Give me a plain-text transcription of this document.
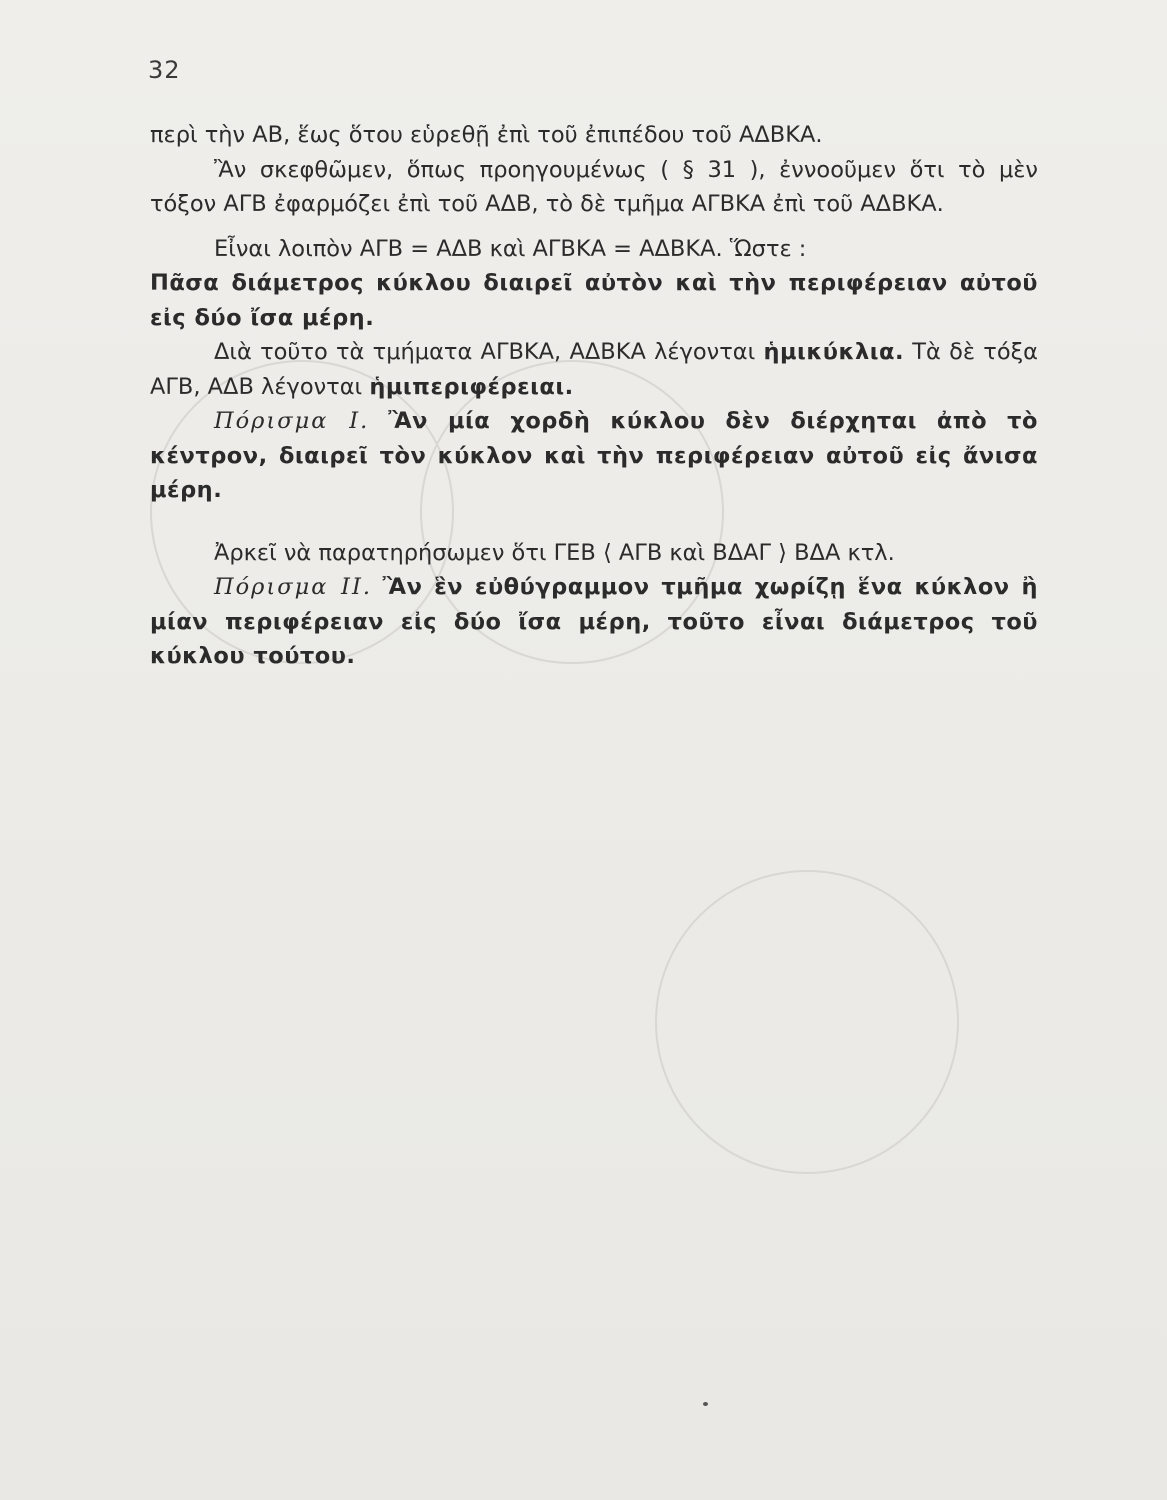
32

περὶ τὴν ΑΒ, ἕως ὅτου εὑρεθῇ ἐπὶ τοῦ ἐπιπέδου τοῦ ΑΔΒΚΑ.

Ἂν σκεφθῶμεν, ὅπως προηγουμένως ( § 31 ), ἐννοοῦμεν ὅτι τὸ μὲν τόξον ΑΓΒ ἐφαρμόζει ἐπὶ τοῦ ΑΔΒ, τὸ δὲ τμῆμα ΑΓΒΚΑ ἐπὶ τοῦ ΑΔΒΚΑ.

Εἶναι λοιπὸν ΑΓΒ = ΑΔΒ καὶ ΑΓΒΚΑ = ΑΔΒΚΑ. Ὥστε :

Πᾶσα διάμετρος κύκλου διαιρεῖ αὐτὸν καὶ τὴν περιφέρειαν αὐτοῦ εἰς δύο ἴσα μέρη.

Διὰ τοῦτο τὰ τμήματα ΑΓΒΚΑ, ΑΔΒΚΑ λέγονται ἡμικύκλια. Τὰ δὲ τόξα ΑΓΒ, ΑΔΒ λέγονται ἡμιπεριφέρειαι.

Πόρισμα Ι. Ἂν μία χορδὴ κύκλου δὲν διέρχηται ἀπὸ τὸ κέντρον, διαιρεῖ τὸν κύκλον καὶ τὴν περιφέρειαν αὐτοῦ εἰς ἄνισα μέρη.

Ἀρκεῖ νὰ παρατηρήσωμεν ὅτι ΓΕΒ ⟨ ΑΓΒ καὶ ΒΔΑΓ ⟩ ΒΔΑ κτλ.

Πόρισμα ΙΙ. Ἂν ἓν εὐθύγραμμον τμῆμα χωρίζῃ ἕνα κύκλον ἢ μίαν περιφέρειαν εἰς δύο ἴσα μέρη, τοῦτο εἶναι διάμετρος τοῦ κύκλου τούτου.
